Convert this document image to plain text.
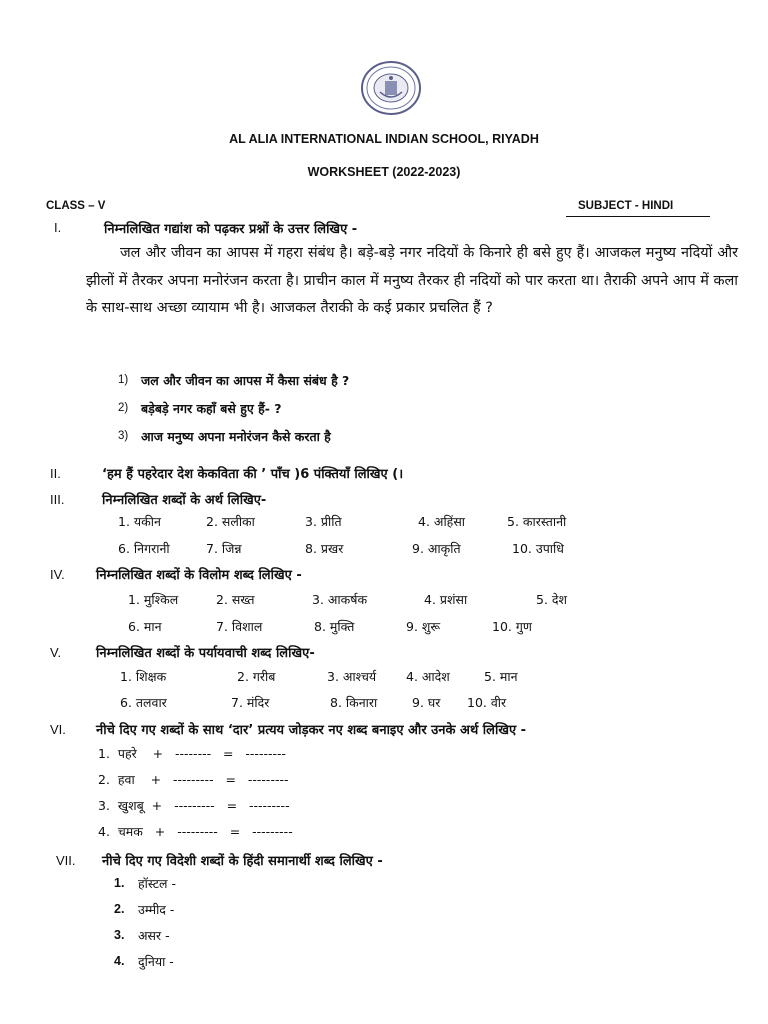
AL ALIA INTERNATIONAL INDIAN SCHOOL, RIYADH
WORKSHEET (2022-2023)
CLASS – V	SUBJECT - HINDI
I.	निम्नलिखित गद्यांश को पढ़कर प्रश्नों के उत्तर लिखिए -
जल और जीवन का आपस में गहरा संबंध है। बड़े-बड़े नगर नदियों के किनारे ही बसे हुए हैं। आजकल मनुष्य नदियों और झीलों में तैरकर अपना मनोरंजन करता है। प्राचीन काल में मनुष्य तैरकर ही नदियों को पार करता था। तैराकी अपने आप में कला के साथ-साथ अच्छा व्यायाम भी है। आजकल तैराकी के कई प्रकार प्रचलित हैं ?
1) जल और जीवन का आपस में कैसा संबंध है ?
2) बड़ेबड़े नगर कहाँ बसे हुए हैं- ?
3) आज मनुष्य अपना मनोरंजन कैसे करता है
II.	‘हम हैं पहरेदार देश केकविता की ’ पाँच )6 पंक्तियाँ लिखिए (।
III.	निम्नलिखित शब्दों के अर्थ लिखिए-
1. यकीन	2. सलीका	3. प्रीति	4. अहिंसा	5. कारस्तानी
6. निगरानी	7. जिन्न	8. प्रखर	9. आकृति	10. उपाधि
IV. निम्नलिखित शब्दों के विलोम शब्द लिखिए -
1. मुश्किल	2. सख्त	3. आकर्षक	4. प्रशंसा	5. देश
6. मान	7. विशाल	8. मुक्ति	9. शुरू	10. गुण
V.	निम्नलिखित शब्दों के पर्यायवाची शब्द लिखिए-
1. शिक्षक	2. गरीब	3. आश्चर्य 4. आदेश	5. मान
6. तलवार	7. मंदिर	8. किनारा	9. घर 10. वीर
VI. नीचे दिए गए शब्दों के साथ ‘दार’ प्रत्यय जोड़कर नए शब्द बनाइए और उनके अर्थ लिखिए -
1.  पहरे    +   --------   =   ---------
2.  हवा    +   ---------   =   ---------
3.  खुशबू  +   ---------   =   ---------
4.  चमक   +   ---------   =   ---------
VII. नीचे दिए गए विदेशी शब्दों के हिंदी समानार्थी शब्द लिखिए -
1. हॉस्टल -
2. उम्मीद -
3. असर -
4. दुनिया -
